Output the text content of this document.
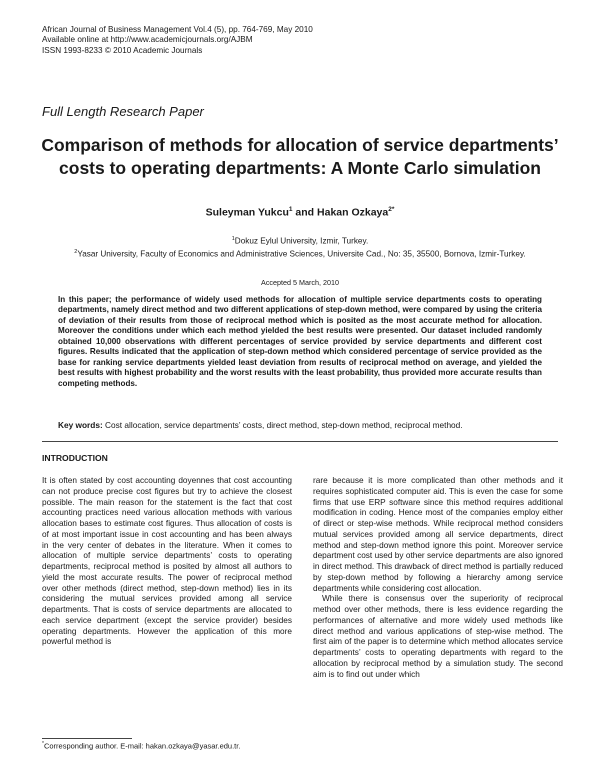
African Journal of Business Management Vol.4 (5), pp. 764-769, May 2010
Available online at http://www.academicjournals.org/AJBM
ISSN 1993-8233 © 2010 Academic Journals
Full Length Research Paper
Comparison of methods for allocation of service departments’ costs to operating departments: A Monte Carlo simulation
Suleyman Yukcu$^1$ and Hakan Ozkaya$^{2*}$
$^1$Dokuz Eylul University, Izmir, Turkey.
$^2$Yasar University, Faculty of Economics and Administrative Sciences, Universite Cad., No: 35, 35500, Bornova, Izmir-Turkey.
Accepted 5 March, 2010
In this paper; the performance of widely used methods for allocation of multiple service departments costs to operating departments, namely direct method and two different applications of step-down method, were compared by using the criteria of deviation of their results from those of reciprocal method which is posited as the most accurate method for allocation. Moreover the conditions under which each method yielded the best results were presented. Our dataset included randomly obtained 10,000 observations with different percentages of service provided by service departments and different cost figures. Results indicated that the application of step-down method which considered percentage of service provided as the base for ranking service departments yielded least deviation from results of reciprocal method on average, and yielded the best results with highest probability and the worst results with the least probability, thus provided more accurate results than competing methods.
Key words: Cost allocation, service departments’ costs, direct method, step-down method, reciprocal method.
INTRODUCTION

It is often stated by cost accounting doyennes that cost accounting can not produce precise cost figures but try to achieve the closest possible. The main reason for the statement is the fact that cost accounting practices need various allocation methods with various allocation bases to estimate cost figures. Thus allocation of costs is of at most important issue in cost accounting and has been always in the very center of debates in the literature. When it comes to allocation of multiple service departments’ costs to operating departments, reciprocal method is posited by almost all authors to yield the most accurate results. The power of reciprocal method over other methods (direct method, step-down method) lies in its considering the mutual services provided among all service departments. That is costs of service departments are allocated to each service department (except the service provider) besides operating departments. However the application of this more powerful method is

rare because it is more complicated than other methods and it requires sophisticated computer aid. This is even the case for some firms that use ERP software since this method requires additional modification in coding. Hence most of the companies employ either of direct or step-wise methods. While reciprocal method considers mutual services provided among all service departments, direct method and step-down method ignore this point. Moreover service department cost used by other service departments are also ignored in direct method. This drawback of direct method is partially reduced by step-down method by following a hierarchy among service departments while considering cost allocation.

While there is consensus over the superiority of reciprocal method over other methods, there is less evidence regarding the performances of alternative and more widely used methods like direct method and various applications of step-wise method. The first aim of the paper is to determine which method allocates service departments’ costs to operating departments with regard to the allocation by reciprocal method by a simulation study. The second aim is to find out under which

*Corresponding author. E-mail: hakan.ozkaya@yasar.edu.tr.
